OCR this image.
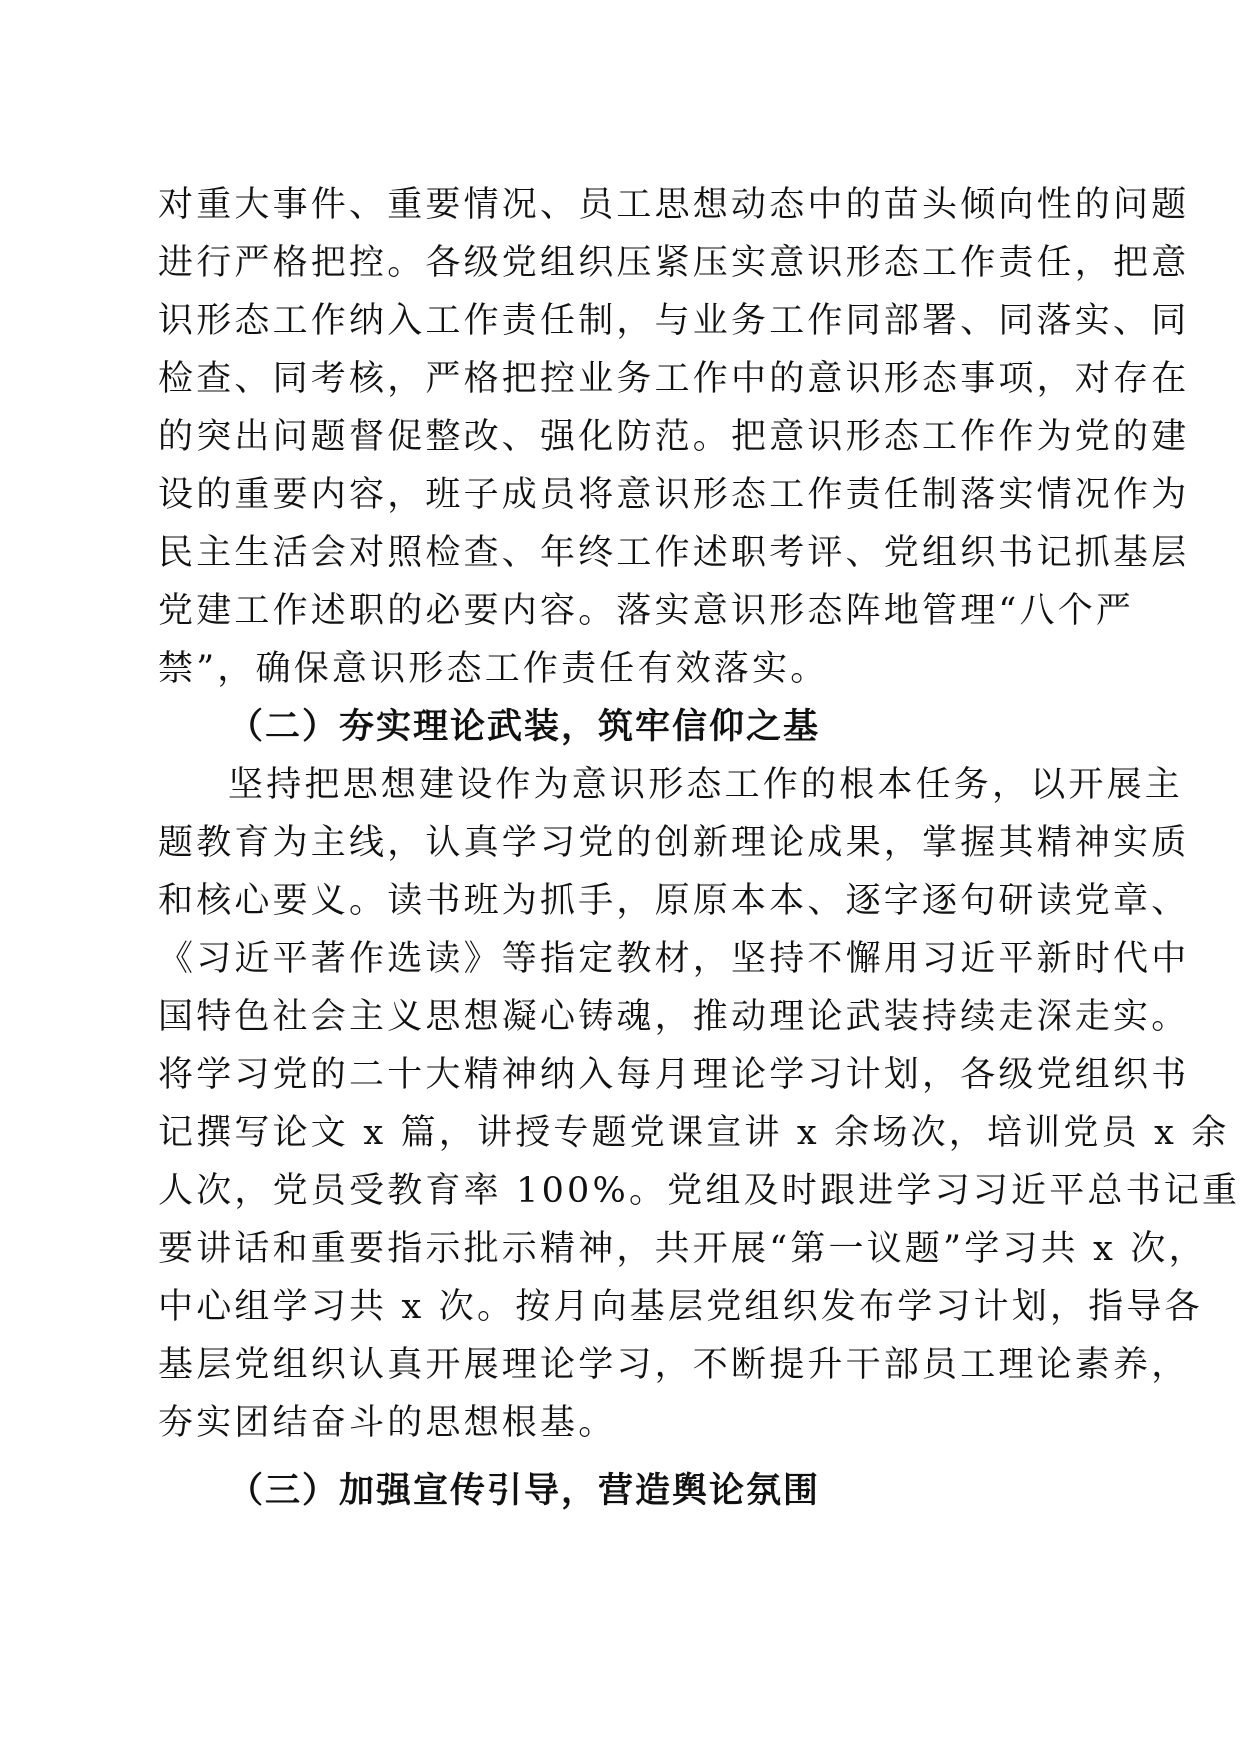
对重大事件、重要情况、员工思想动态中的苗头倾向性的问题
进行严格把控。各级党组织压紧压实意识形态工作责任，把意
识形态工作纳入工作责任制，与业务工作同部署、同落实、同
检查、同考核，严格把控业务工作中的意识形态事项，对存在
的突出问题督促整改、强化防范。把意识形态工作作为党的建
设的重要内容，班子成员将意识形态工作责任制落实情况作为
民主生活会对照检查、年终工作述职考评、党组织书记抓基层
党建工作述职的必要内容。落实意识形态阵地管理“八个严
禁”，确保意识形态工作责任有效落实。
（二）夯实理论武装，筑牢信仰之基
坚持把思想建设作为意识形态工作的根本任务，以开展主
题教育为主线，认真学习党的创新理论成果，掌握其精神实质
和核心要义。读书班为抓手，原原本本、逐字逐句研读党章、
《习近平著作选读》等指定教材，坚持不懈用习近平新时代中
国特色社会主义思想凝心铸魂，推动理论武装持续走深走实。
将学习党的二十大精神纳入每月理论学习计划，各级党组织书
记撰写论文 x 篇，讲授专题党课宣讲 x 余场次，培训党员 x 余
人次，党员受教育率 100%。党组及时跟进学习习近平总书记重
要讲话和重要指示批示精神，共开展“第一议题”学习共 x 次，
中心组学习共 x 次。按月向基层党组织发布学习计划，指导各
基层党组织认真开展理论学习，不断提升干部员工理论素养，
夯实团结奋斗的思想根基。
（三）加强宣传引导，营造舆论氛围
